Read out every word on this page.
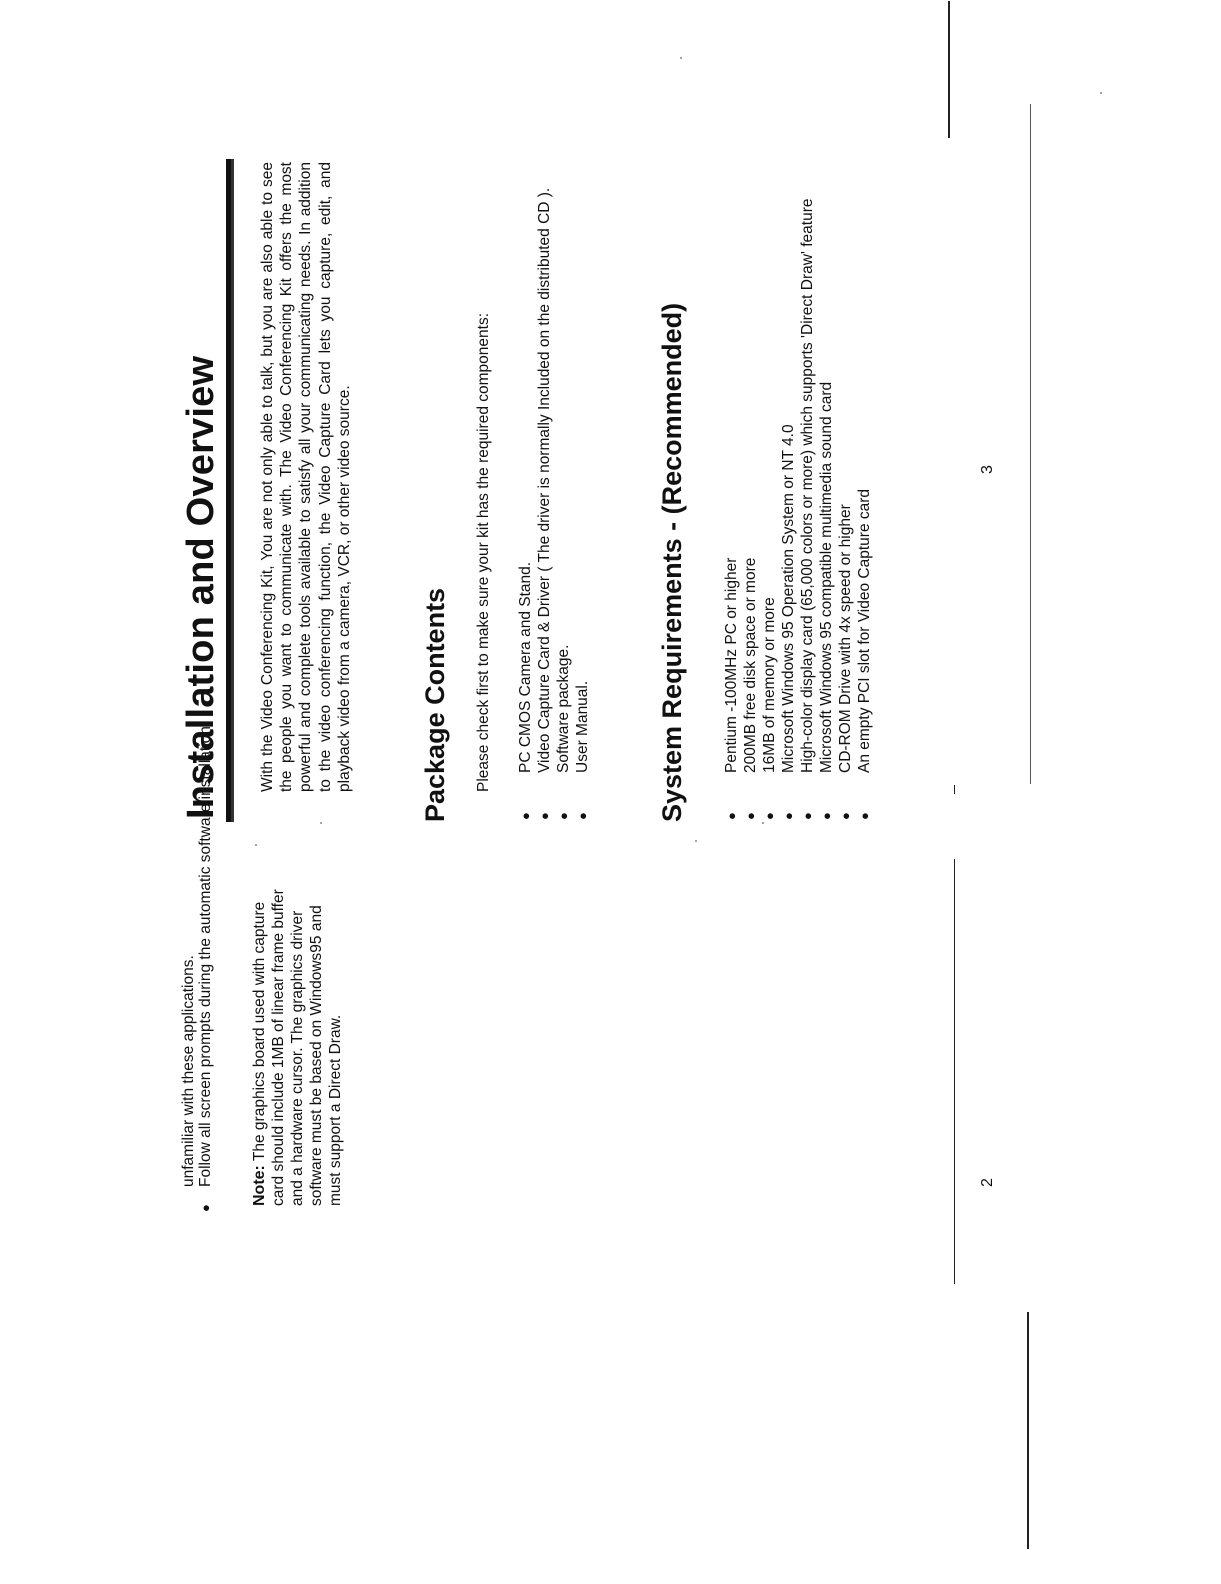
unfamiliar with these applications.
●
Follow all screen prompts during the automatic software installation. Note: The graphics board used with capture card should include 1MB of linear frame buffer and a hardware cursor. The graphics driver software must be based on Windows95 and must support a Direct Draw.	2
Installation and Overview With the Video Conferencing Kit, You are not only able to talk, but you are also able to see the people you want to communicate with. The Video Conferencing Kit offers the most powerful and complete tools available to satisfy all your communicating needs. In addition to the video conferencing function, the Video Capture Card lets you capture, edit, and playback video from a camera, VCR, or other video source. Package Contents Please check first to make sure your kit has the required components:
●
PC CMOS Camera and Stand.
●
Video Capture Card & Driver ( The driver is normally Included on the distributed CD ).
●
Software package.
●
User Manual. System Requirements - (Recommended)	●
Pentium -100MHz PC or higher
●
200MB free disk space or more
●
16MB of memory or more
●
Microsoft Windows 95 Operation System or NT 4.0
●
High-color display card (65,000 colors or more) which supports 'Direct Draw' feature
●
Microsoft Windows 95 compatible multimedia sound card
●
CD-ROM Drive with 4x speed or higher
●
An empty PCI slot for Video Capture card
3
